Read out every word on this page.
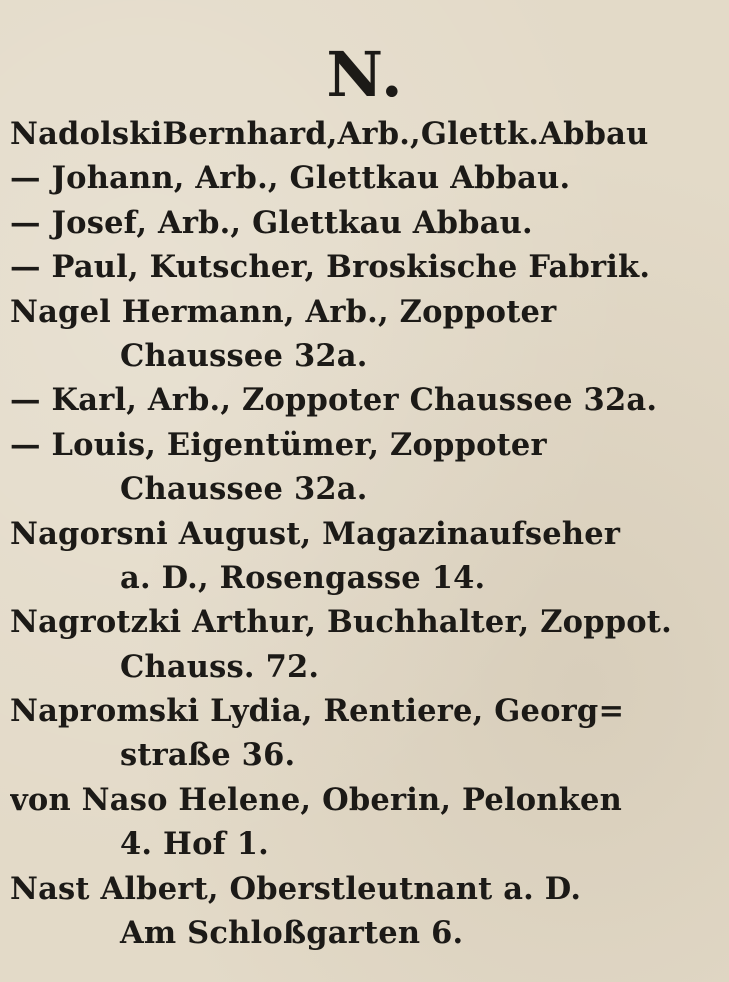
N.
NadolskiBernhard,Arb.,Glettk.Abbau
— Johann, Arb., Glettkau Abbau.
— Josef, Arb., Glettkau Abbau.
— Paul, Kutscher, Broskische Fabrik.
Nagel Hermann, Arb., Zoppoter
Chaussee 32a.
— Karl, Arb., Zoppoter Chaussee 32a.
— Louis, Eigentümer, Zoppoter
Chaussee 32a.
Nagorsni August, Magazinaufseher
a. D., Rosengasse 14.
Nagrotzki Arthur, Buchhalter, Zoppot.
Chauss. 72.
Napromski Lydia, Rentiere, Georg=
straße 36.
von Naso Helene, Oberin, Pelonken
4. Hof 1.
Nast Albert, Oberstleutnant a. D.
Am Schloßgarten 6.
